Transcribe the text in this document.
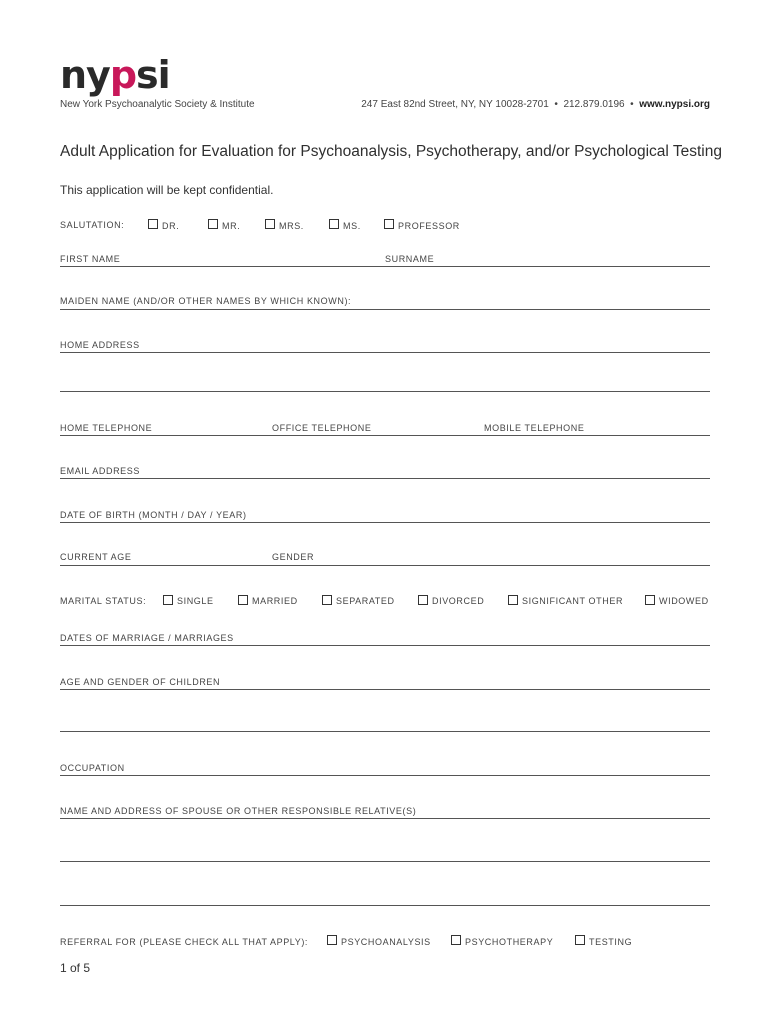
nypsi
New York Psychoanalytic Society & Institute	247 East 82nd Street, NY, NY 10028-2701 • 212.879.0196 • www.nypsi.org
Adult Application for Evaluation for Psychoanalysis, Psychotherapy, and/or Psychological Testing
This application will be kept confidential.
SALUTATION:	DR.	MR.	MRS.	MS.	PROFESSOR
FIRST NAME	SURNAME
MAIDEN NAME (AND/OR OTHER NAMES BY WHICH KNOWN):
HOME ADDRESS
HOME TELEPHONE	OFFICE TELEPHONE	MOBILE TELEPHONE
EMAIL ADDRESS
DATE OF BIRTH (MONTH / DAY / YEAR)
CURRENT AGE	GENDER
MARITAL STATUS:	SINGLE	MARRIED	SEPARATED	DIVORCED	SIGNIFICANT OTHER	WIDOWED
DATES OF MARRIAGE / MARRIAGES
AGE AND GENDER OF CHILDREN
OCCUPATION
NAME AND ADDRESS OF SPOUSE OR OTHER RESPONSIBLE RELATIVE(S)
REFERRAL FOR (PLEASE CHECK ALL THAT APPLY):	PSYCHOANALYSIS	PSYCHOTHERAPY	TESTING
1 of 5
